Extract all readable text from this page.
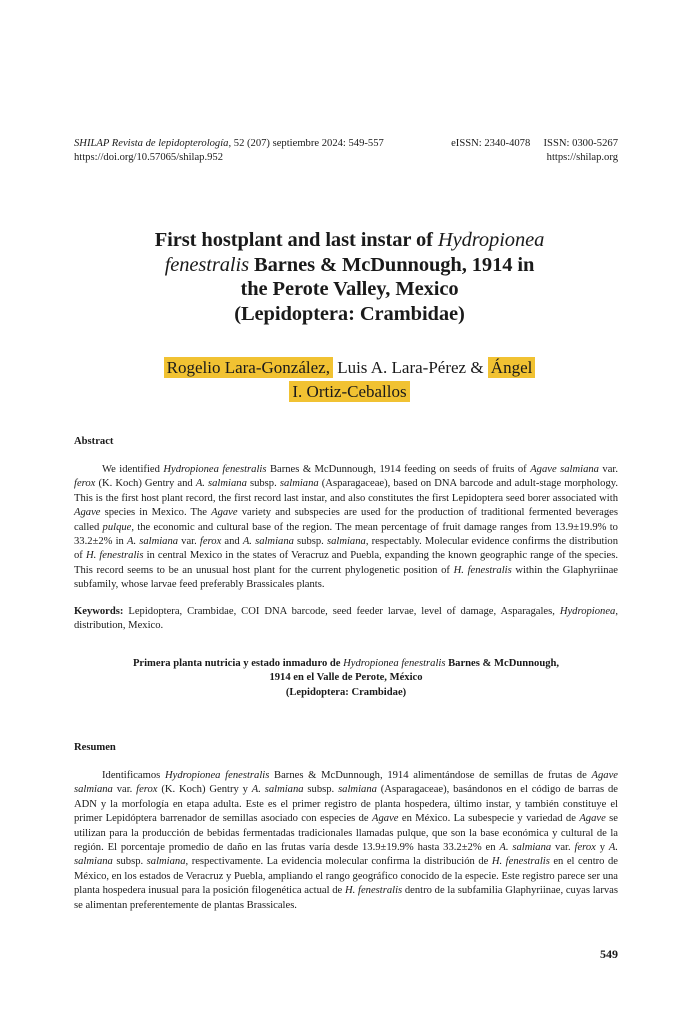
SHILAP Revista de lepidopterología, 52 (207) septiembre 2024: 549-557	eISSN: 2340-4078 ISSN: 0300-5267
https://doi.org/10.57065/shilap.952	https://shilap.org
First hostplant and last instar of Hydropionea
fenestralis Barnes & McDunnough, 1914 in
the Perote Valley, Mexico
(Lepidoptera: Crambidae)
Rogelio Lara-González, Luis A. Lara-Pérez & Ángel
I. Ortiz-Ceballos
Abstract

We identified Hydropionea fenestralis Barnes & McDunnough, 1914 feeding on seeds of fruits of Agave salmiana var. ferox (K. Koch) Gentry and A. salmiana subsp. salmiana (Asparagaceae), based on DNA barcode and adult-stage morphology. This is the first host plant record, the first record last instar, and also constitutes the first Lepidoptera seed borer associated with Agave species in Mexico. The Agave variety and subspecies are used for the production of traditional fermented beverages called pulque, the economic and cultural base of the region. The mean percentage of fruit damage ranges from 13.9±19.9% to 33.2±2% in A. salmiana var. ferox and A. salmiana subsp. salmiana, respectably. Molecular evidence confirms the distribution of H. fenestralis in central Mexico in the states of Veracruz and Puebla, expanding the known geographic range of the species. This record seems to be an unusual host plant for the current phylogenetic position of H. fenestralis within the Glaphyriinae subfamily, whose larvae feed preferably Brassicales plants.

Keywords: Lepidoptera, Crambidae, COI DNA barcode, seed feeder larvae, level of damage, Asparagales, Hydropionea, distribution, Mexico.

Primera planta nutricia y estado inmaduro de Hydropionea fenestralis Barnes & McDunnough,
1914 en el Valle de Perote, México
(Lepidoptera: Crambidae)
Resumen

Identificamos Hydropionea fenestralis Barnes & McDunnough, 1914 alimentándose de semillas de frutas de Agave salmiana var. ferox (K. Koch) Gentry y A. salmiana subsp. salmiana (Asparagaceae), basándonos en el código de barras de ADN y la morfología en etapa adulta. Este es el primer registro de planta hospedera, último instar, y también constituye el primer Lepidóptera barrenador de semillas asociado con especies de Agave en México. La subespecie y variedad de Agave se utilizan para la producción de bebidas fermentadas tradicionales llamadas pulque, que son la base económica y cultural de la región. El porcentaje promedio de daño en las frutas varía desde 13.9±19.9% hasta 33.2±2% en A. salmiana var. ferox y A. salmiana subsp. salmiana, respectivamente. La evidencia molecular confirma la distribución de H. fenestralis en el centro de México, en los estados de Veracruz y Puebla, ampliando el rango geográfico conocido de la especie. Este registro parece ser una planta hospedera inusual para la posición filogenética actual de H. fenestralis dentro de la subfamilia Glaphyriinae, cuyas larvas se alimentan preferentemente de plantas Brassicales.

549
